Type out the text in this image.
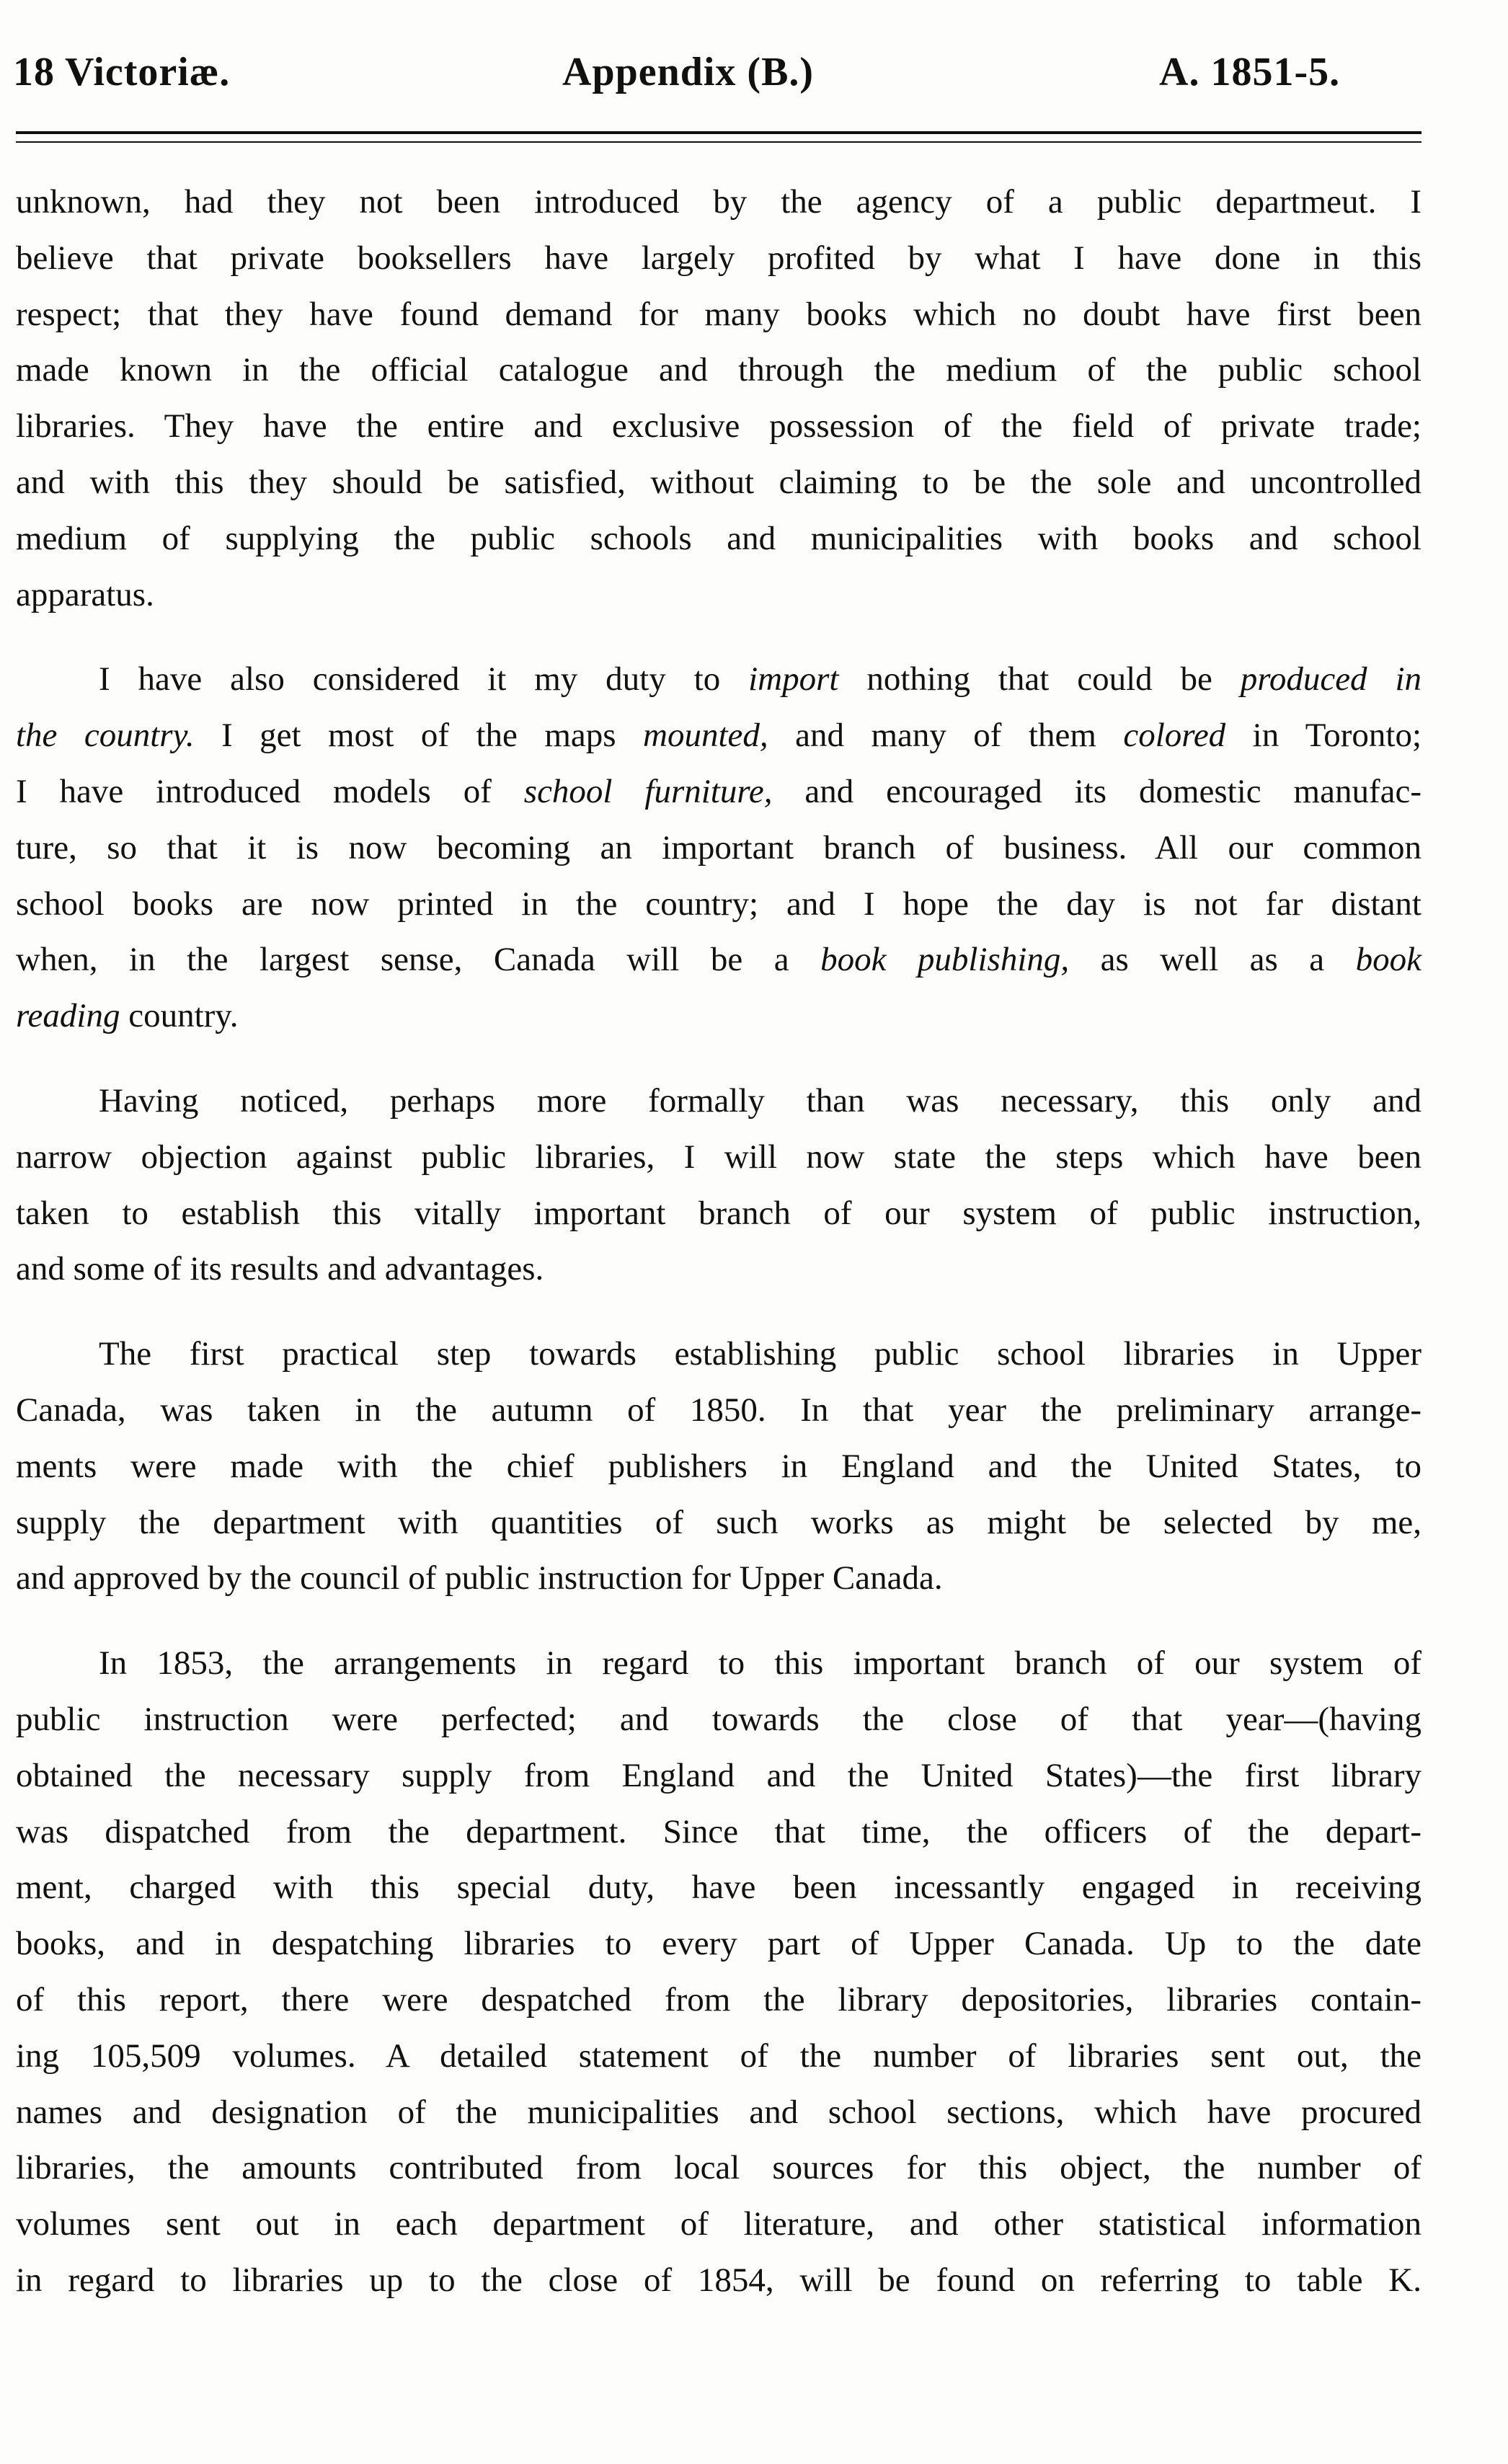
18 Victoriæ.	Appendix (B.)	A. 1851-5.
unknown, had they not been introduced by the agency of a public departmeut. I
believe that private booksellers have largely profited by what I have done in this
respect; that they have found demand for many books which no doubt have first been
made known in the official catalogue and through the medium of the public school
libraries. They have the entire and exclusive possession of the field of private trade;
and with this they should be satisfied, without claiming to be the sole and uncontrolled
medium of supplying the public schools and municipalities with books and school
apparatus.
I have also considered it my duty to import nothing that could be produced in
the country. I get most of the maps mounted, and many of them colored in Toronto;
I have introduced models of school furniture, and encouraged its domestic manufac-
ture, so that it is now becoming an important branch of business. All our common
school books are now printed in the country; and I hope the day is not far distant
when, in the largest sense, Canada will be a book publishing, as well as a book
reading country.
Having noticed, perhaps more formally than was necessary, this only and
narrow objection against public libraries, I will now state the steps which have been
taken to establish this vitally important branch of our system of public instruction,
and some of its results and advantages.
The first practical step towards establishing public school libraries in Upper
Canada, was taken in the autumn of 1850. In that year the preliminary arrange-
ments were made with the chief publishers in England and the United States, to
supply the department with quantities of such works as might be selected by me,
and approved by the council of public instruction for Upper Canada.
In 1853, the arrangements in regard to this important branch of our system of
public instruction were perfected; and towards the close of that year—(having
obtained the necessary supply from England and the United States)—the first library
was dispatched from the department. Since that time, the officers of the depart-
ment, charged with this special duty, have been incessantly engaged in receiving
books, and in despatching libraries to every part of Upper Canada. Up to the date
of this report, there were despatched from the library depositories, libraries contain-
ing 105,509 volumes. A detailed statement of the number of libraries sent out, the
names and designation of the municipalities and school sections, which have procured
libraries, the amounts contributed from local sources for this object, the number of
volumes sent out in each department of literature, and other statistical information
in regard to libraries up to the close of 1854, will be found on referring to table K.
